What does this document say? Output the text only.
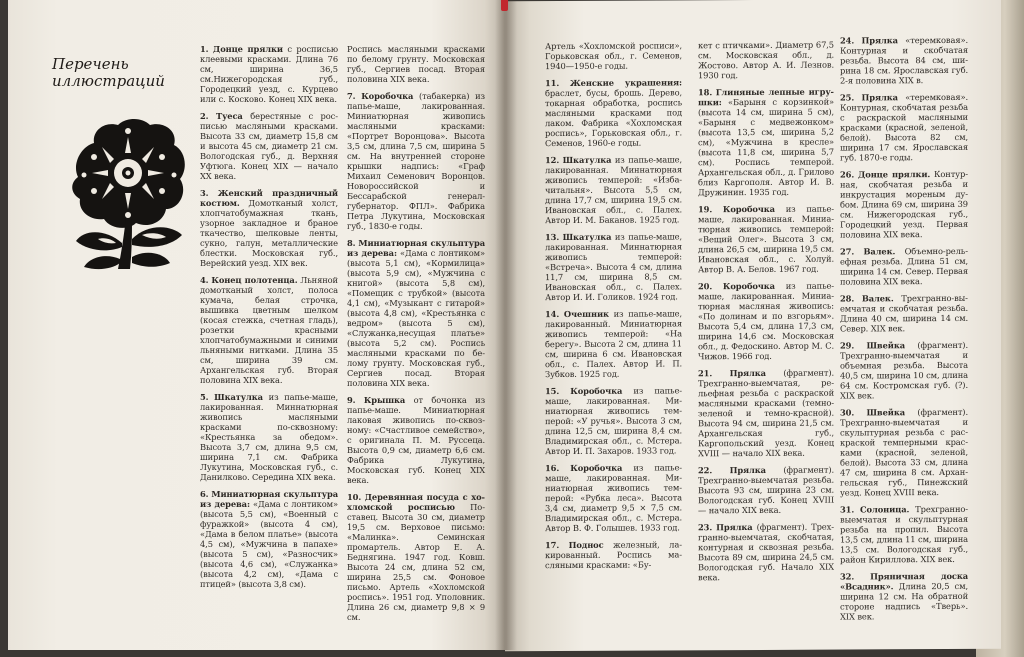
Перечень иллюстраций

1. Донце прялки с росписью клеевыми красками. Длина 76 см, ширина 36,5 см.Нижегородская губ., Городецкий уезд, с. Курцево или с. Косково. Конец XIX века.

2. Туеса берестяные с росписью масляными красками. Высота 33 см, диаметр 15,8 см и высота 45 см, диаметр 21 см. Вологодская губ., д. Верхняя Уфтюга. Конец XIX — начало XX века.

3. Женский праздничный костюм. Домотканый холст, хлопчатобумажная ткань, узорное закладное и браное ткачество, шелковые ленты, сукно, галун, металлические блестки. Московская губ., Верейский уезд. XIX век.

4. Конец полотенца. Льняной домотканый холст, полоса кумача, белая строчка, вышивка цветным шелком (косая стежка, счетная гладь), розетки красными хлопчатобумажными и синими льняными нитками. Длина 35 см, ширина 39 см. Архангельская губ. Вторая половина XIX века.

5. Шкатулка из папье-маше, лакированная. Миннатюрная живопись масляными красками по-сквозному: «Крестьянка за обедом». Высота 3,7 см, длина 9,5 см, ширина 7,1 см. Фабрика Лукутина, Московская губ., с. Данилково. Середина XIX века.

6. Миниатюрная скульптура из дерева: «Дама с лонтиком» (высота 5,5 см), «Военный с фуражкой» (высота 4 см), «Дама в белом платье» (высота 4,5 см), «Мужчина в папахе» (высота 5 см), «Разносчик» (высота 4,6 см), «Служанка» (высота 4,2 см), «Дама с птицей» (высота 3,8 см).

Роспись масляными красками по белому грунту. Московская губ., Сергиев посад. Вторая половина XIX века.

7. Коробочка (табакерка) из папье-маше, лакированная. Миниатюрная живопись масляными красками: «Портрет Воронцова». Высота 3,5 см, длина 7,5 см, ширина 5 см. На внутренней стороне крышки надпись: «Граф Михаил Семенович Воронцов. Новороссийской и Бессарабской генерал-губернатор. ФПЛ». Фабрика Петра Лукутина, Московская губ., 1830-е годы.

8. Миниатюрная скульптура из дерева: «Дама с лонтиком» (высота 5,1 см), «Кормилица» (высота 5,9 см), «Мужчина с книгой» (высота 5,8 см), «Помещик с трубкой» (высота 4,1 см), «Музыкант с гитарой» (высота 4,8 см), «Крестьянка с ведром» (высота 5 см), «Служанка,несущая платье» (высота 5,2 см). Роспись масляными красками по белому грунту. Московская губ., Сергиев посад. Вторая половина XIX века.

9. Крышка от бочонка из папье-маше. Миниатюрная лаковая живопись по-сквозному: «Счастливое семейство», с оригинала П. М. Руссеца. Высота 0,9 см, диаметр 6,6 см. Фабрика Лукутина, Московская губ. Конец XIX века.

10. Деревянная посуда с хохломской росписью Поставец. Высота 30 см, диаметр 19,5 см. Верховое письмо: «Малинка». Семинская промартель. Автор Е. А. Беднягина. 1947 год. Ковш. Высота 24 см, длина 52 см, ширина 25,5 см. Фоновое письмо. Артель «Хохломской роспись». 1951 год. Уполовник. Длина 26 см, диаметр 9,8 × 9 см.

Артель «Хохломской росписи», Горьковская обл., г. Семенов, 1940—1950-е годы.

11. Женские украшения: браслет, бусы, брошь. Дерево, токарная обработка, роспись масляными красками под лаком. Фабрика «Хохломская роспись», Горьковская обл., г. Семенов, 1960-е годы.

12. Шкатулка из папье-маше, лакированная. Миннатюрная живопись темперой: «Изба-читальня». Высота 5,5 см, длина 17,7 см, ширина 19,5 см. Ивановская обл., с. Палех. Автор И. М. Баканов. 1925 год.

13. Шкатулка из папье-маше, лакированная. Миннатюрная живопись темперой: «Встреча». Высота 4 см, длина 11,7 см, ширина 8,5 см. Ивановская обл., с. Палех. Автор И. И. Голиков. 1924 год.

14. Очешник из папье-маше, лакированный. Миниатюрная живопись темперой: «На берегу». Высота 2 см, длина 11 см, ширина 6 см. Ивановская обл., с. Палех. Автор И. П. Зубков. 1925 год.

15. Коробочка из папье-маше, лакированная. Миниатюрная живопись темперой: «У ручья». Высота 3 см, длина 12,5 см, ширина 8,4 см. Владимирская обл., с. Мстера. Автор И. П. Захаров. 1933 год.

16. Коробочка из папье-маше, лакированная. Миниатюрная живопись темперой: «Рубка леса». Высота 3,4 см, диаметр 9,5 × 7,5 см. Владимирская обл., с. Мстера. Автор В. Ф. Голышев. 1933 год.

17. Поднос железный, лакированный. Роспись масляными красками: «Бу-

кет с птичками». Диаметр 67,5 см. Московская обл., д. Жостово. Автор А. И. Лезнов. 1930 год.

18. Глиняные лепные игрушки: «Барыня с корзинкой» (высота 14 см, ширина 5 см), «Барыня с медвежонком» (высота 13,5 см, ширина 5,2 см), «Мужчина в кресле» (высота 11,8 см, ширина 5,7 см). Роспись темперой. Архангельская обл., д. Грилово близ Каргополя. Автор И. В. Дружинин. 1935 год.

19. Коробочка из папье-маше, лакированная. Миниатюрная живопись темперой: «Вещий Олег». Высота 3 см, длина 26,5 см, ширина 19,5 см. Ивановская обл., с. Холуй. Автор В. А. Белов. 1967 год.

20. Коробочка из папье-маше, лакированная. Миниатюрная масляная живопись: «По долинам и по взгорьям». Высота 5,4 см, длина 17,3 см, ширина 14,6 см. Московская обл., д. Федоскино. Автор М. С. Чижов. 1966 год.

21. Прялка (фрагмент). Трехгранно-выемчатая, рельефная резьба с раскраской масляными красками (темно-зеленой и темно-красной). Высота 94 см, ширина 21,5 см. Архангельская губ., Каргопольский уезд. Конец XVIII — начало XIX века.

22. Прялка (фрагмент). Трехгранно-выемчатая резьба. Высота 93 см, ширина 23 см. Вологодская губ. Конец XVIII — начало XIX века.

23. Прялка (фрагмент). Трехгранно-выемчатая, скобчатая, контурная и сквозная резьба. Высота 89 см, ширина 24,5 см. Вологодская губ. Начало XIX века.

24. Прялка «теремковая». Контурная и скобчатая резьба. Высота 84 см, ширина 18 см. Ярославская губ. 2-я половина XIX в.

25. Прялка «теремковая». Контурная, скобчатая резьба с раскраской масляными красками (красной, зеленой, белой). Высота 82 см, ширина 17 см. Ярославская губ. 1870-е годы.

26. Донце прялки. Контурная, скобчатая резьба и инкрустация мореным дубом. Длина 69 см, ширина 39 см. Нижегородская губ., Городецкий уезд. Первая половина XIX века.

27. Валек. Объемно-рельефная резьба. Длина 51 см, ширина 14 см. Север. Первая половина XIX века.

28. Валек. Трехгранно-выемчатая и скобчатая резьба. Длина 40 см, ширина 14 см. Север. XIX век.

29. Швейка (фрагмент). Трехгранно-выемчатая и объемная резьба. Высота 40,5 см, ширина 10 см, длина 64 см. Костромская губ. (?). XIX век.

30. Швейка (фрагмент). Трехгранно-выемчатая и скульптурная резьба с раскраской темперными красками (красной, зеленой, белой). Высота 33 см, длина 47 см, ширина 8 см. Архангельская губ., Пинежский уезд. Конец XVIII века.

31. Солоница. Трехгранно-выемчатая и скульптурная резьба на пропил. Высота 13,5 см, длина 11 см, ширина 13,5 см. Вологодская губ., район Кириллова. XIX век.

32. Пряничная доска «Всадник». Длина 20,5 см, ширина 12 см. На обратной стороне надпись «Тверь». XIX век.
